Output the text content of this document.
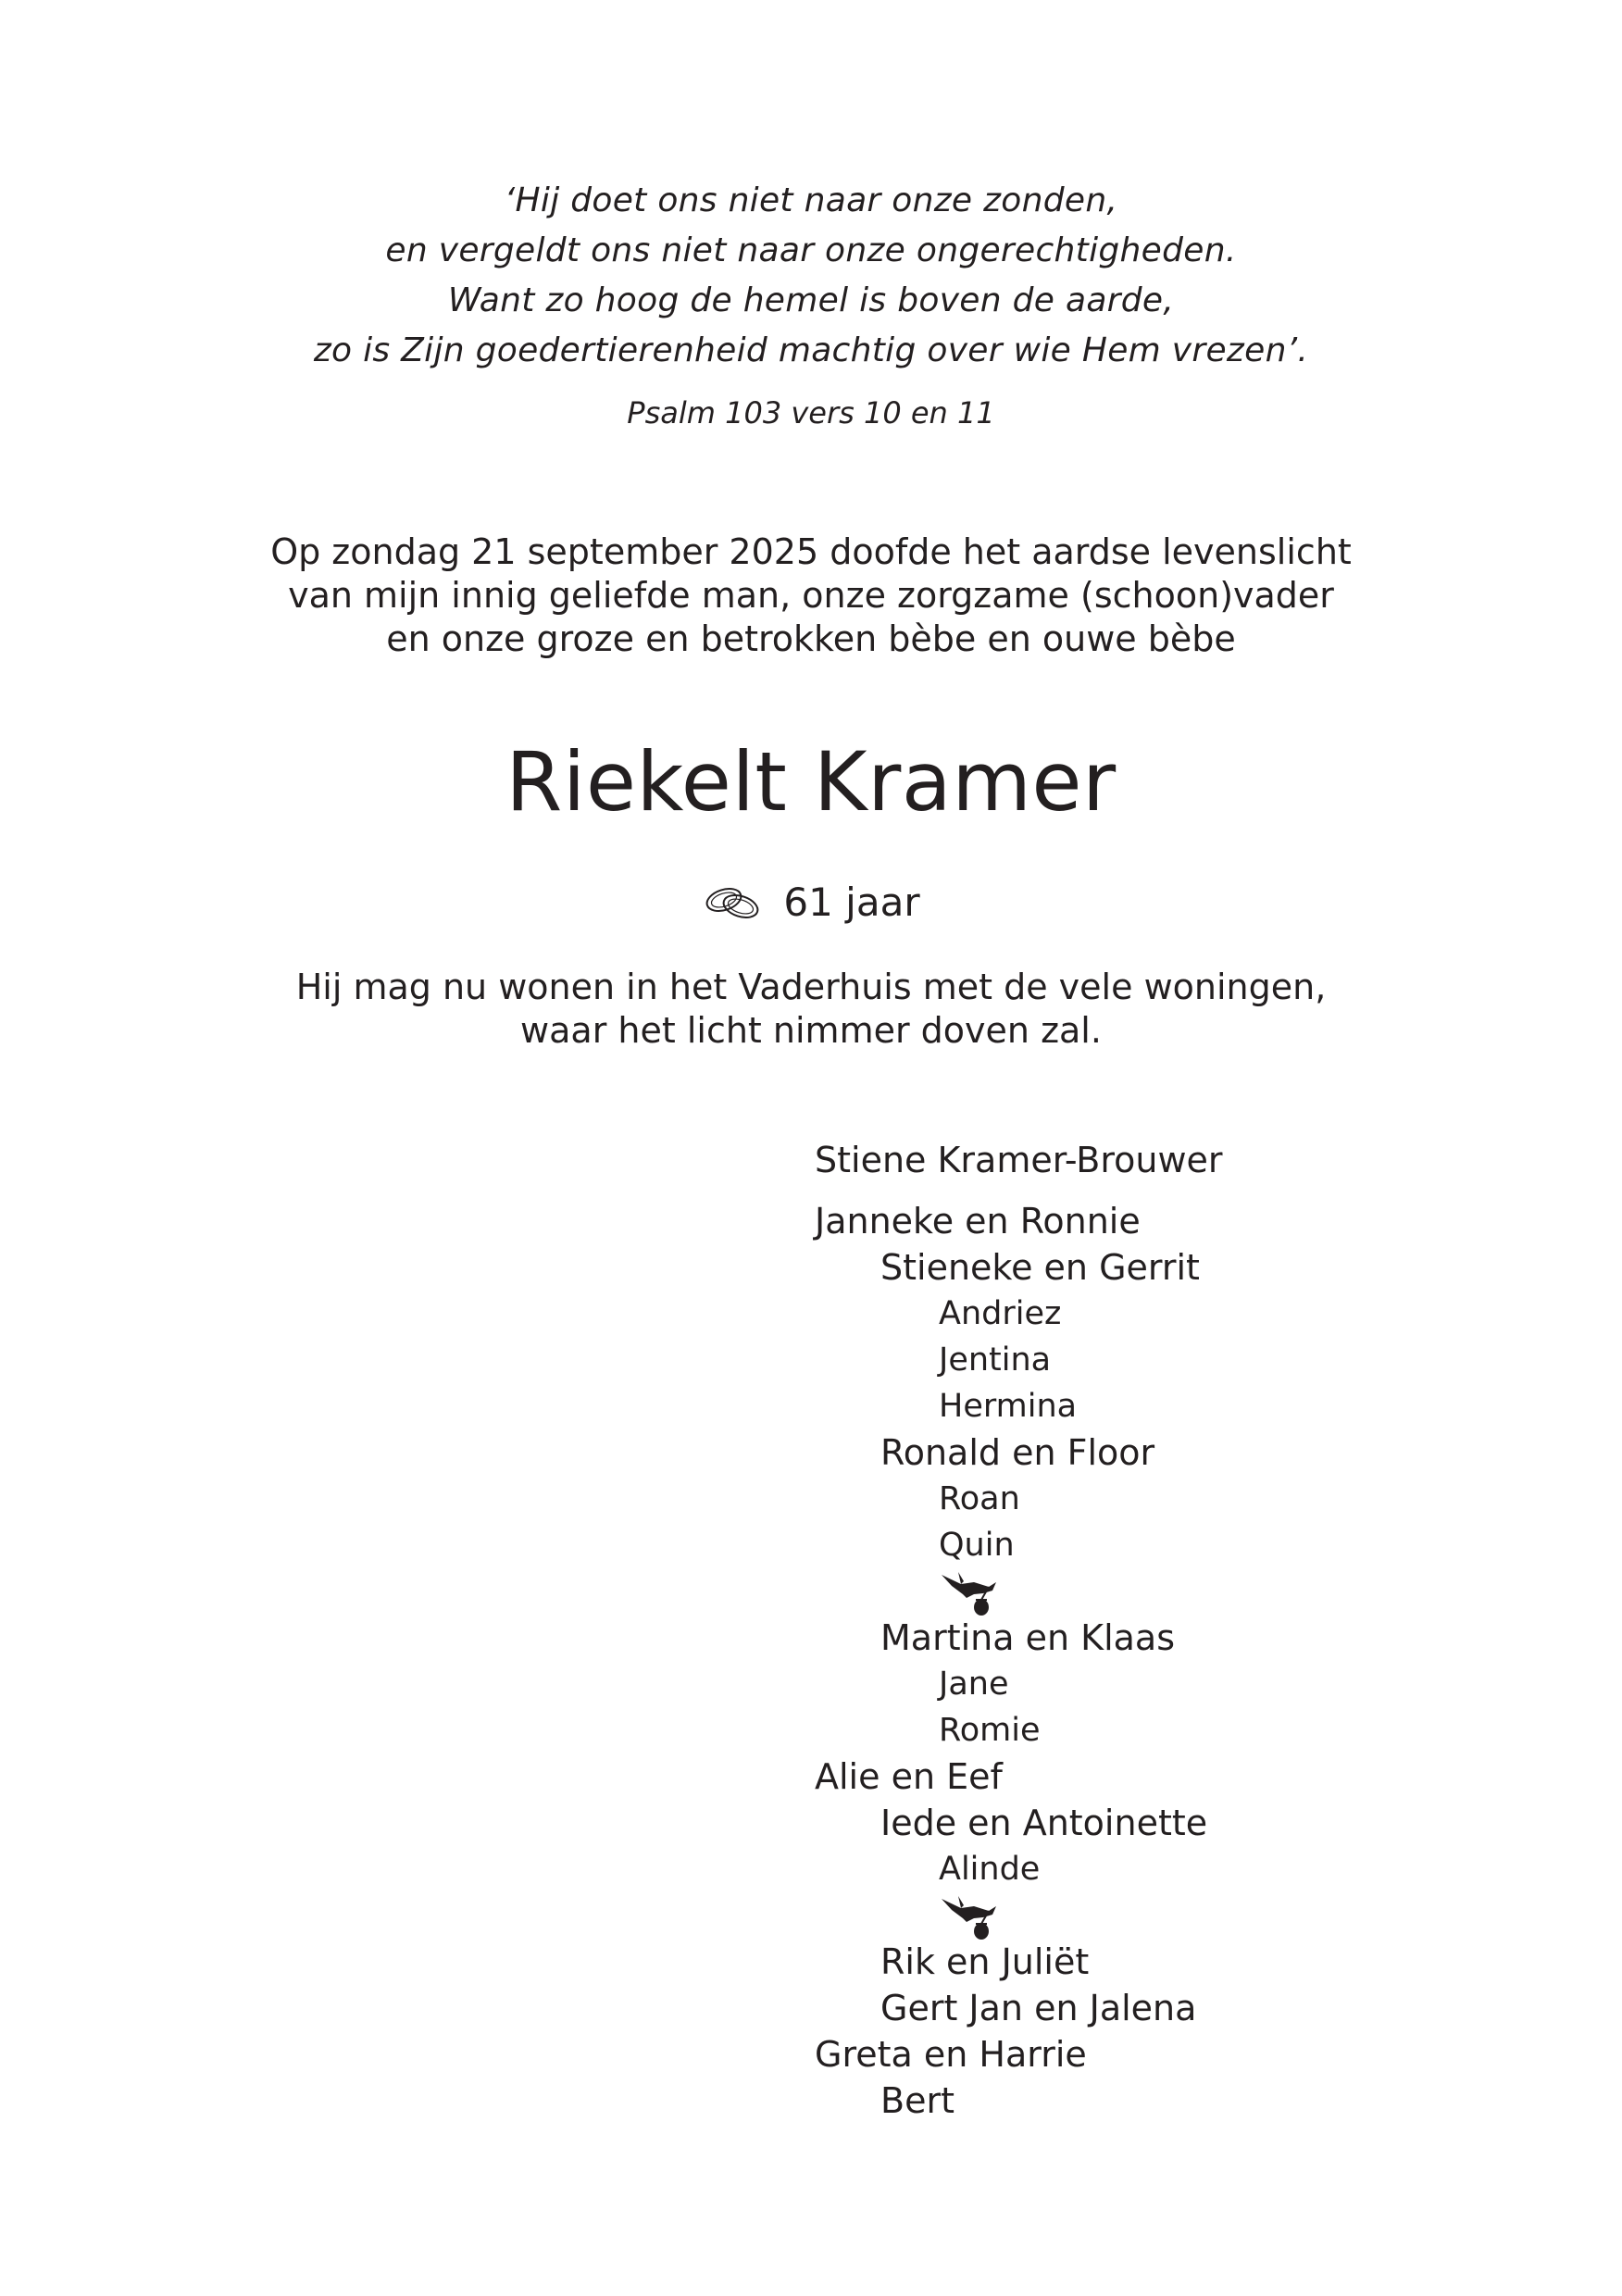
‘Hij doet ons niet naar onze zonden,
en vergeldt ons niet naar onze ongerechtigheden.
Want zo hoog de hemel is boven de aarde,
zo is Zijn goedertierenheid machtig over wie Hem vrezen’.
Psalm 103 vers 10 en 11
Op zondag 21 september 2025 doofde het aardse levenslicht
van mijn innig geliefde man, onze zorgzame (schoon)vader
en onze groze en betrokken bèbe en ouwe bèbe
Riekelt Kramer
61 jaar
Hij mag nu wonen in het Vaderhuis met de vele woningen,
waar het licht nimmer doven zal.
Stiene Kramer-Brouwer
Janneke en Ronnie
Stieneke en Gerrit
Andriez
Jentina
Hermina
Ronald en Floor
Roan
Quin
Martina en Klaas
Jane
Romie
Alie en Eef
Iede en Antoinette
Alinde
Rik en Juliët
Gert Jan en Jalena
Greta en Harrie
Bert
